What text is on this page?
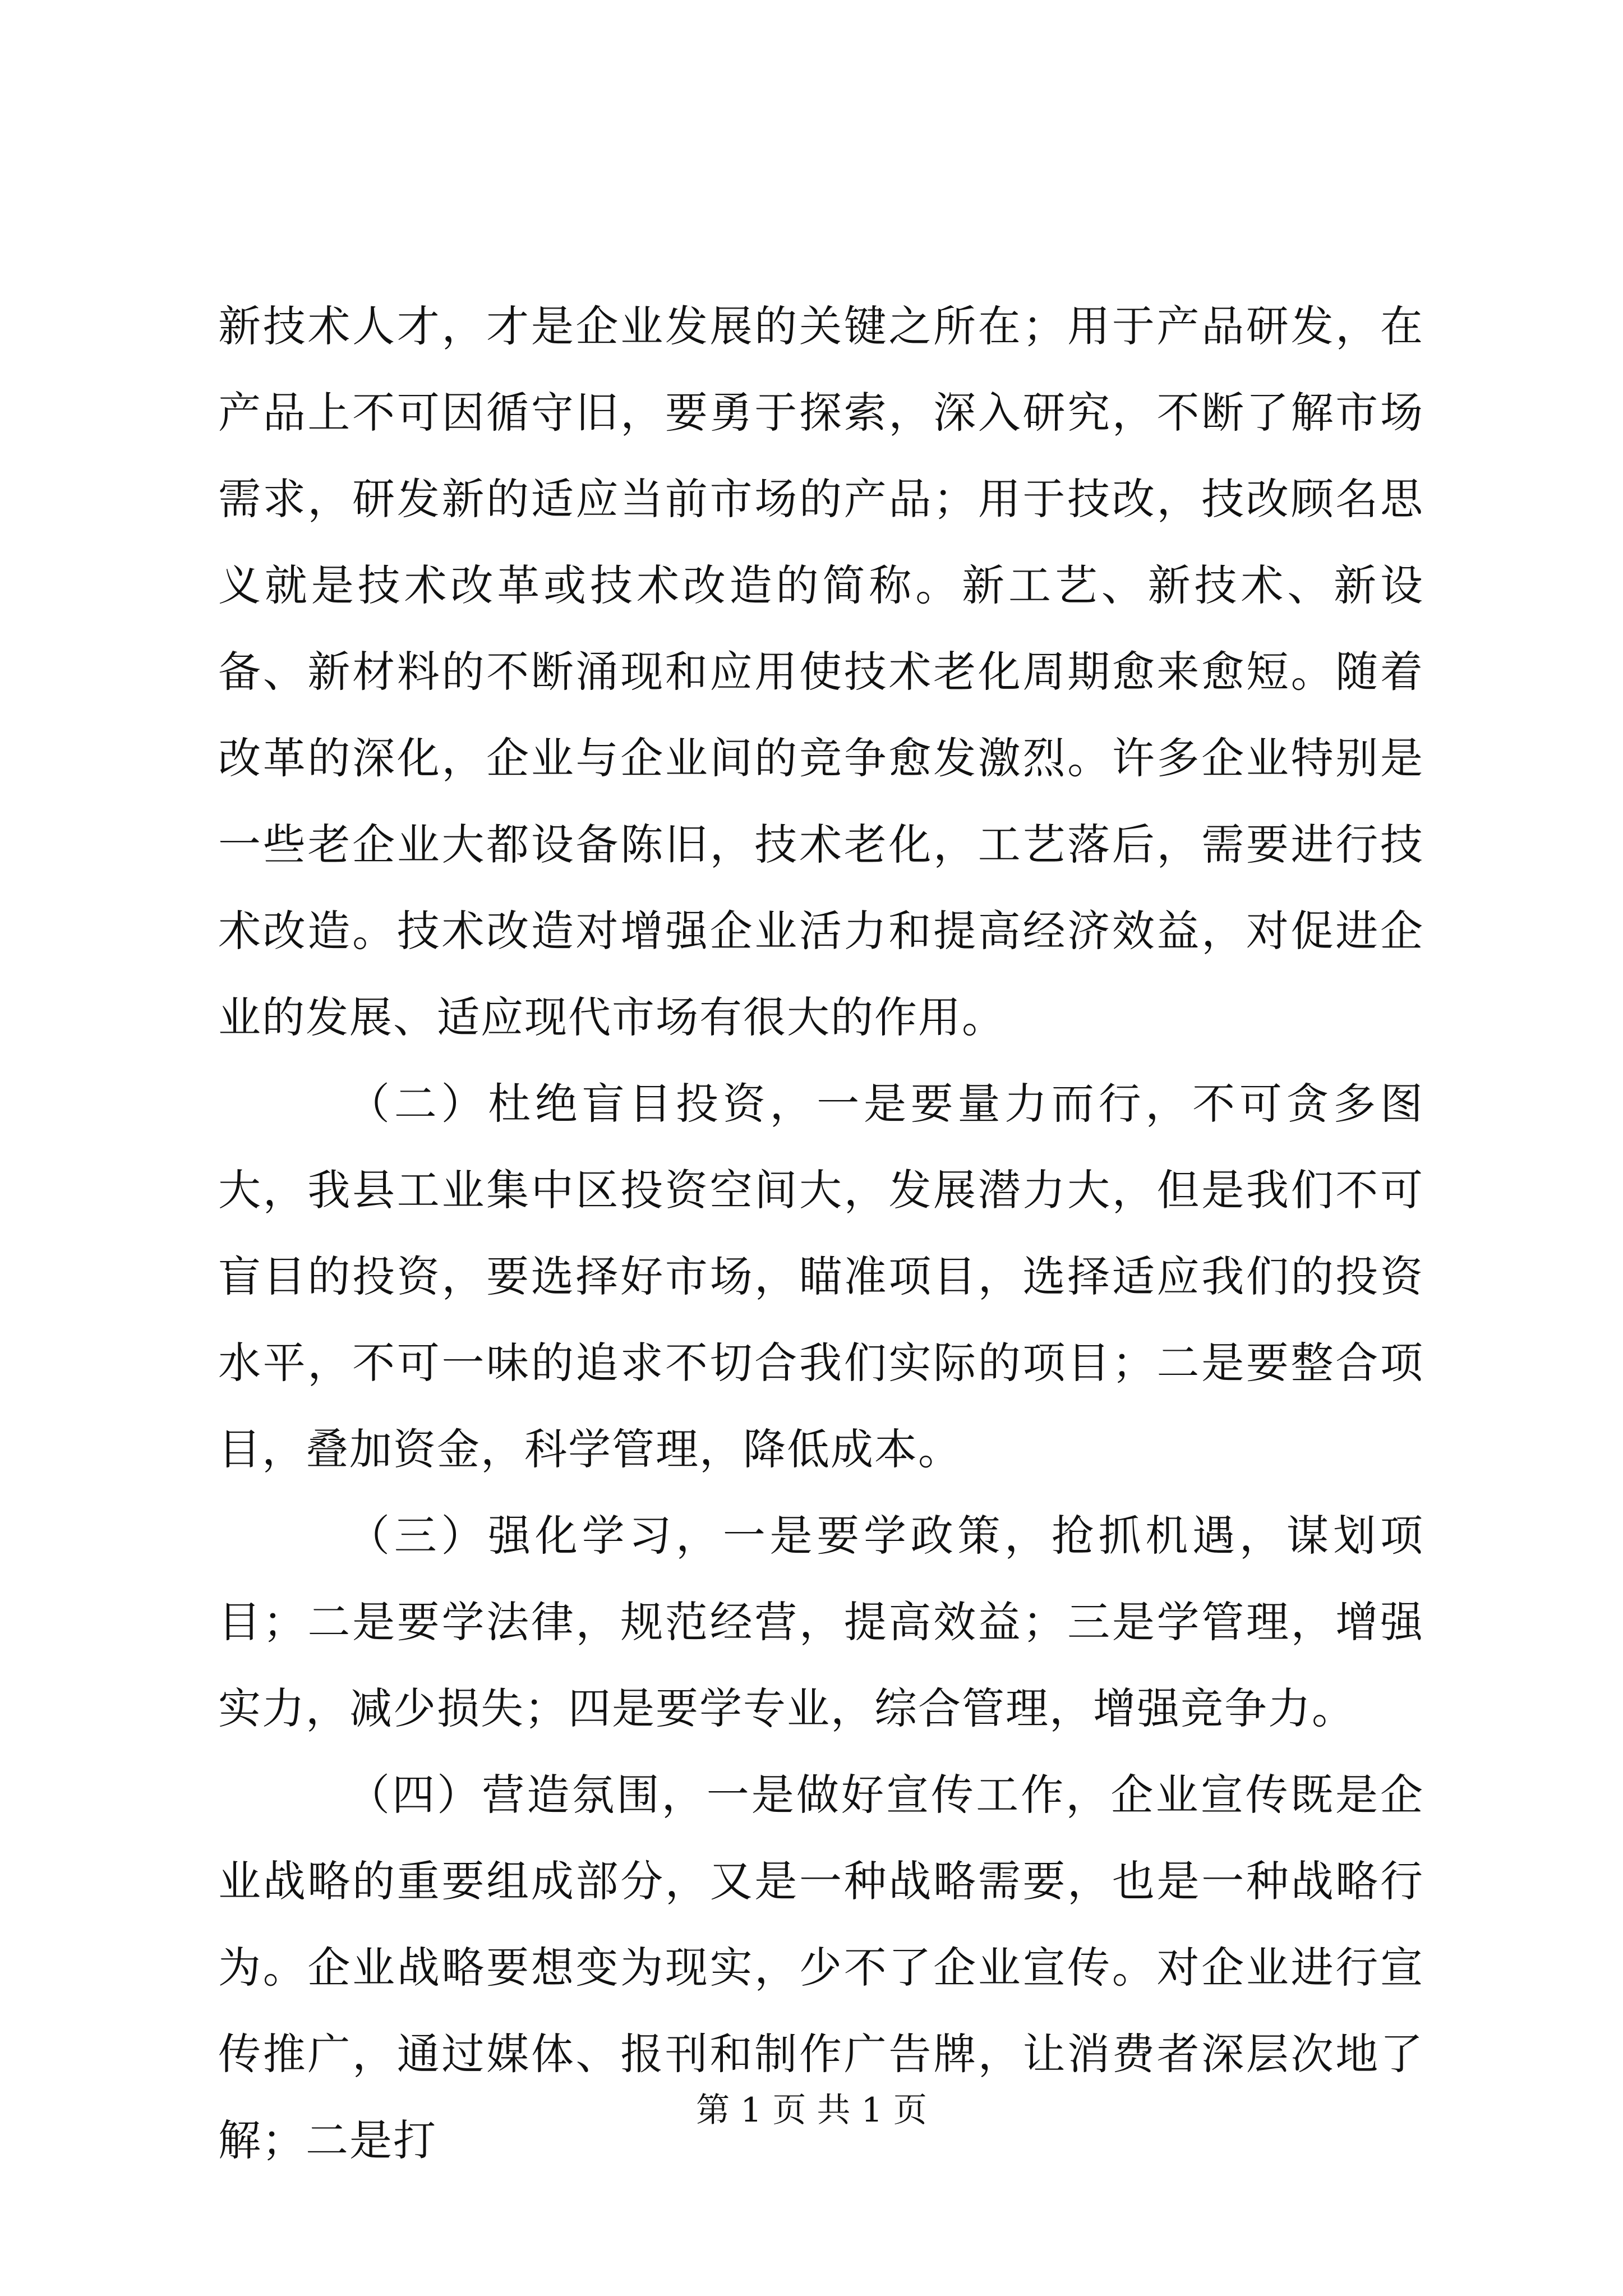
新技术人才，才是企业发展的关键之所在；用于产品研发，在产品上不可因循守旧，要勇于探索，深入研究，不断了解市场需求，研发新的适应当前市场的产品；用于技改，技改顾名思义就是技术改革或技术改造的简称。新工艺、新技术、新设备、新材料的不断涌现和应用使技术老化周期愈来愈短。随着改革的深化，企业与企业间的竞争愈发激烈。许多企业特别是一些老企业大都设备陈旧，技术老化，工艺落后，需要进行技术改造。技术改造对增强企业活力和提高经济效益，对促进企业的发展、适应现代市场有很大的作用。

（二）杜绝盲目投资，一是要量力而行，不可贪多图大，我县工业集中区投资空间大，发展潜力大，但是我们不可盲目的投资，要选择好市场，瞄准项目，选择适应我们的投资水平，不可一味的追求不切合我们实际的项目；二是要整合项目，叠加资金，科学管理，降低成本。

（三）强化学习，一是要学政策，抢抓机遇，谋划项目；二是要学法律，规范经营，提高效益；三是学管理，增强实力，减少损失；四是要学专业，综合管理，增强竞争力。

（四）营造氛围，一是做好宣传工作，企业宣传既是企业战略的重要组成部分，又是一种战略需要，也是一种战略行为。企业战略要想变为现实，少不了企业宣传。对企业进行宣传推广，通过媒体、报刊和制作广告牌，让消费者深层次地了解；二是打

第 1 页 共 1 页
